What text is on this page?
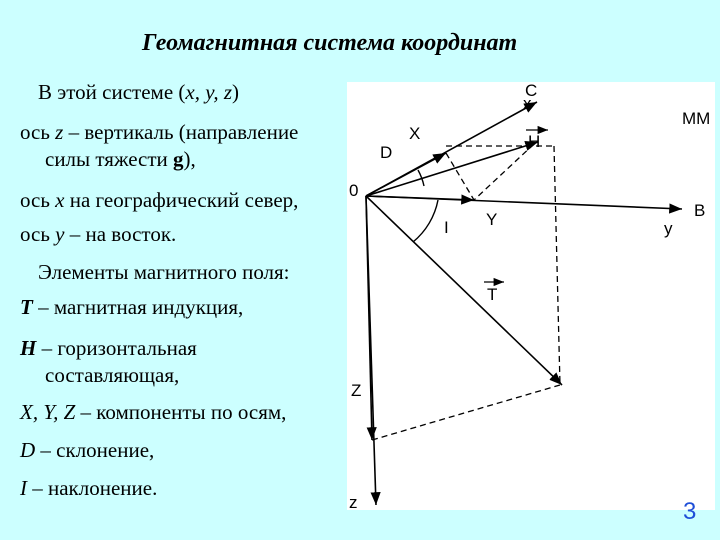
Геомагнитная система координат
В этой системе (x, y, z)
ось z – вертикаль (направление
силы тяжести g),
ось x на географический север,
ось y – на восток.
Элементы магнитного поля:
T – магнитная индукция,
H – горизонтальная
составляющая,
X, Y, Z – компоненты по осям,
D – склонение,
I – наклонение.
C
x
MM
X	H
D
0
Y	B
y
I
T
Z
z	3
